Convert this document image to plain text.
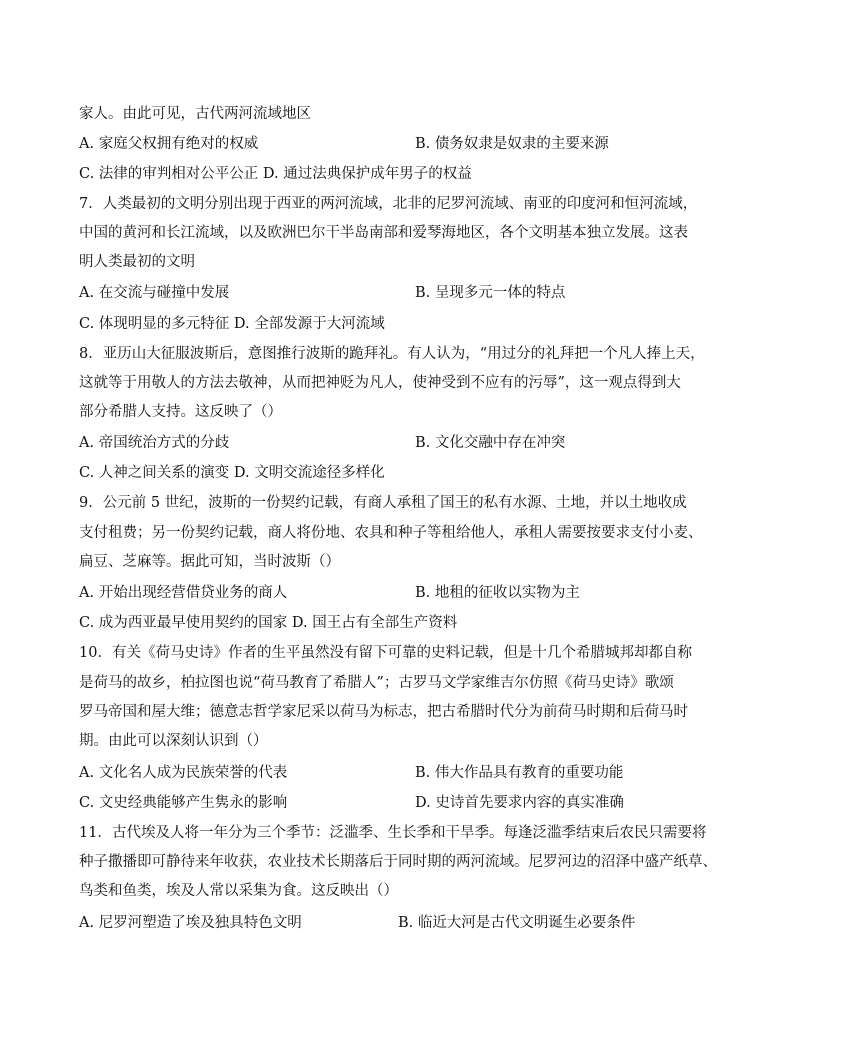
家人。由此可见，古代两河流域地区
A. 家庭父权拥有绝对的权威	B. 债务奴隶是奴隶的主要来源
C. 法律的审判相对公平公正 D. 通过法典保护成年男子的权益
7．人类最初的文明分别出现于西亚的两河流域，北非的尼罗河流域、南亚的印度河和恒河流域，
中国的黄河和长江流域，以及欧洲巴尔干半岛南部和爱琴海地区，各个文明基本独立发展。这表
明人类最初的文明
A. 在交流与碰撞中发展	B. 呈现多元一体的特点
C. 体现明显的多元特征 D. 全部发源于大河流域
8．亚历山大征服波斯后，意图推行波斯的跪拜礼。有人认为，“用过分的礼拜把一个凡人捧上天，
这就等于用敬人的方法去敬神，从而把神贬为凡人，使神受到不应有的污辱”，这一观点得到大
部分希腊人支持。这反映了（）
A. 帝国统治方式的分歧	B. 文化交融中存在冲突
C. 人神之间关系的演变 D. 文明交流途径多样化
9．公元前 5 世纪，波斯的一份契约记载，有商人承租了国王的私有水源、土地，并以土地收成
支付租费；另一份契约记载，商人将份地、农具和种子等租给他人，承租人需要按要求支付小麦、
扁豆、芝麻等。据此可知，当时波斯（）
A. 开始出现经营借贷业务的商人	B. 地租的征收以实物为主
C. 成为西亚最早使用契约的国家 D. 国王占有全部生产资料
10．有关《荷马史诗》作者的生平虽然没有留下可靠的史料记载，但是十几个希腊城邦却都自称
是荷马的故乡，柏拉图也说“荷马教育了希腊人”；古罗马文学家维吉尔仿照《荷马史诗》歌颂
罗马帝国和屋大维；德意志哲学家尼采以荷马为标志，把古希腊时代分为前荷马时期和后荷马时
期。由此可以深刻认识到（）
A. 文化名人成为民族荣誉的代表	B. 伟大作品具有教育的重要功能
C. 文史经典能够产生隽永的影响	D. 史诗首先要求内容的真实准确
11．古代埃及人将一年分为三个季节：泛滥季、生长季和干旱季。每逢泛滥季结束后农民只需要将
种子撒播即可静待来年收获，农业技术长期落后于同时期的两河流域。尼罗河边的沼泽中盛产纸草、
鸟类和鱼类，埃及人常以采集为食。这反映出（）
A. 尼罗河塑造了埃及独具特色文明	B. 临近大河是古代文明诞生必要条件
